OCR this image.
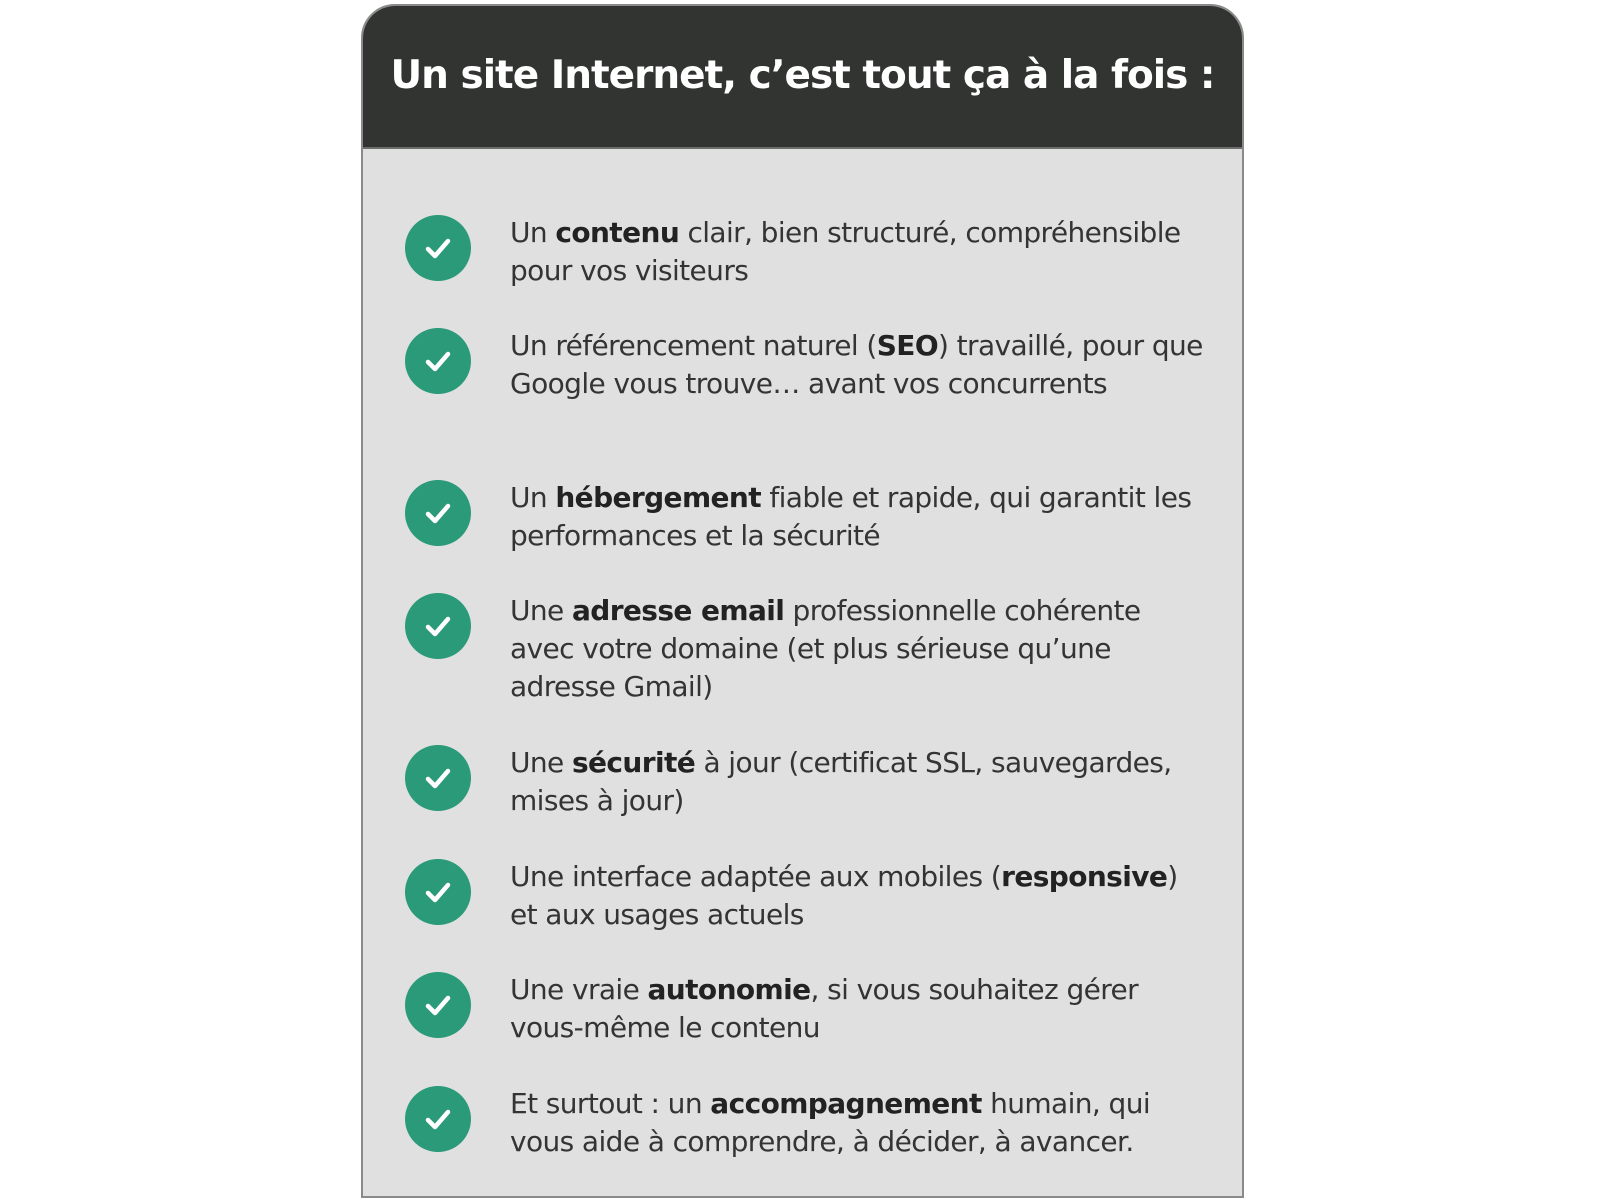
Un site Internet, c’est tout ça à la fois :
Un contenu clair, bien structuré, compréhensible pour vos visiteurs
Un référencement naturel (SEO) travaillé, pour que Google vous trouve… avant vos concurrents
Un hébergement fiable et rapide, qui garantit les performances et la sécurité
Une adresse email professionnelle cohérente avec votre domaine (et plus sérieuse qu’une adresse Gmail)
Une sécurité à jour (certificat SSL, sauvegardes, mises à jour)
Une interface adaptée aux mobiles (responsive) et aux usages actuels
Une vraie autonomie, si vous souhaitez gérer vous-même le contenu
Et surtout : un accompagnement humain, qui vous aide à comprendre, à décider, à avancer.
